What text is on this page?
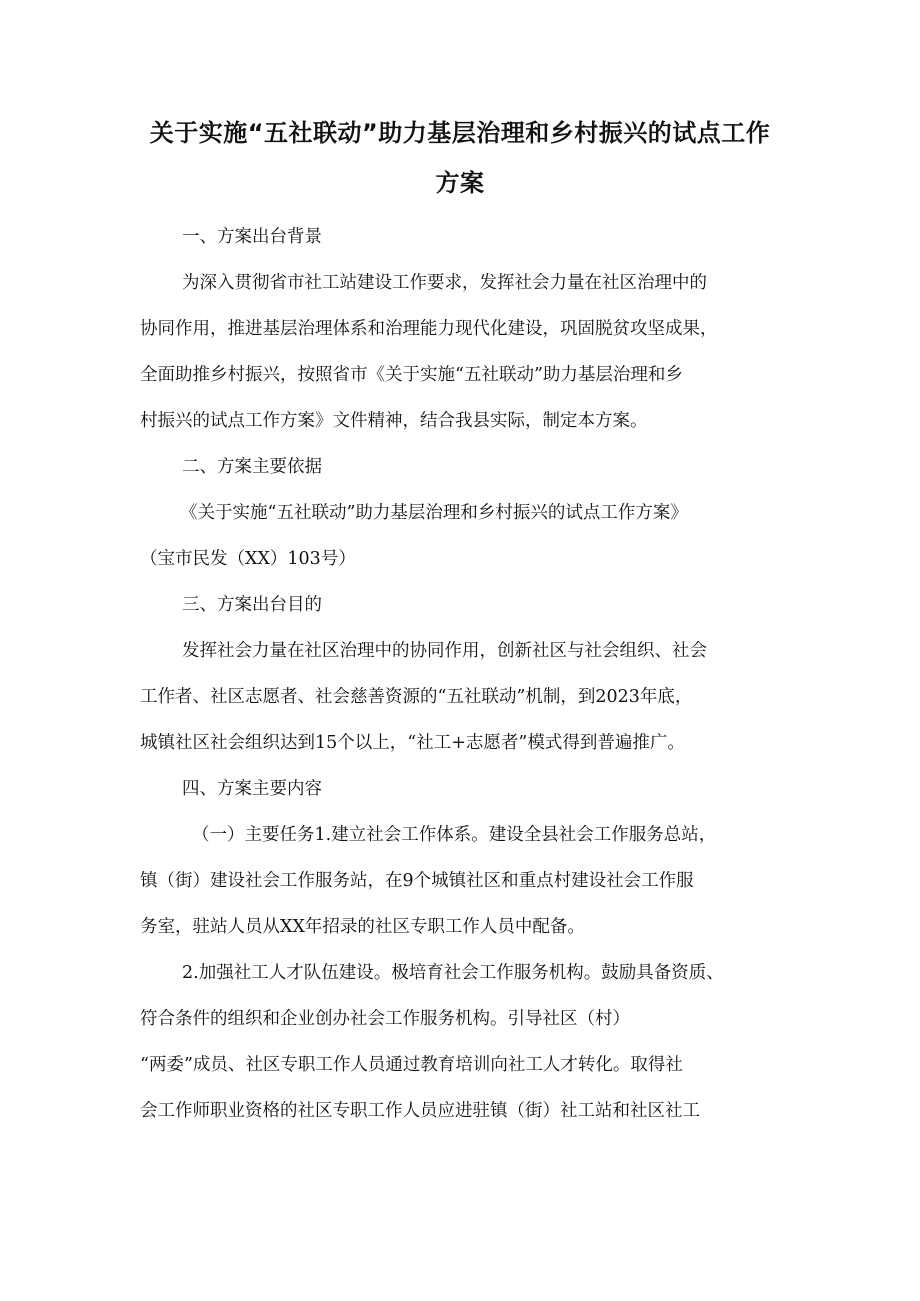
关于实施“五社联动”助力基层治理和乡村振兴的试点工作
方案

一、方案出台背景

为深入贯彻省市社工站建设工作要求，发挥社会力量在社区治理中的
协同作用，推进基层治理体系和治理能力现代化建设，巩固脱贫攻坚成果，
全面助推乡村振兴，按照省市《关于实施“五社联动”助力基层治理和乡
村振兴的试点工作方案》文件精神，结合我县实际，制定本方案。

二、方案主要依据

《关于实施“五社联动”助力基层治理和乡村振兴的试点工作方案》
（宝市民发（XX）103号）

三、方案出台目的

发挥社会力量在社区治理中的协同作用，创新社区与社会组织、社会
工作者、社区志愿者、社会慈善资源的“五社联动”机制，到2023年底，
城镇社区社会组织达到15个以上，“社工+志愿者”模式得到普遍推广。

四、方案主要内容

（一）主要任务1.建立社会工作体系。建设全县社会工作服务总站，
镇（街）建设社会工作服务站，在9个城镇社区和重点村建设社会工作服
务室，驻站人员从XX年招录的社区专职工作人员中配备。

2.加强社工人才队伍建设。极培育社会工作服务机构。鼓励具备资质、
符合条件的组织和企业创办社会工作服务机构。引导社区（村）
“两委”成员、社区专职工作人员通过教育培训向社工人才转化。取得社
会工作师职业资格的社区专职工作人员应进驻镇（街）社工站和社区社工
